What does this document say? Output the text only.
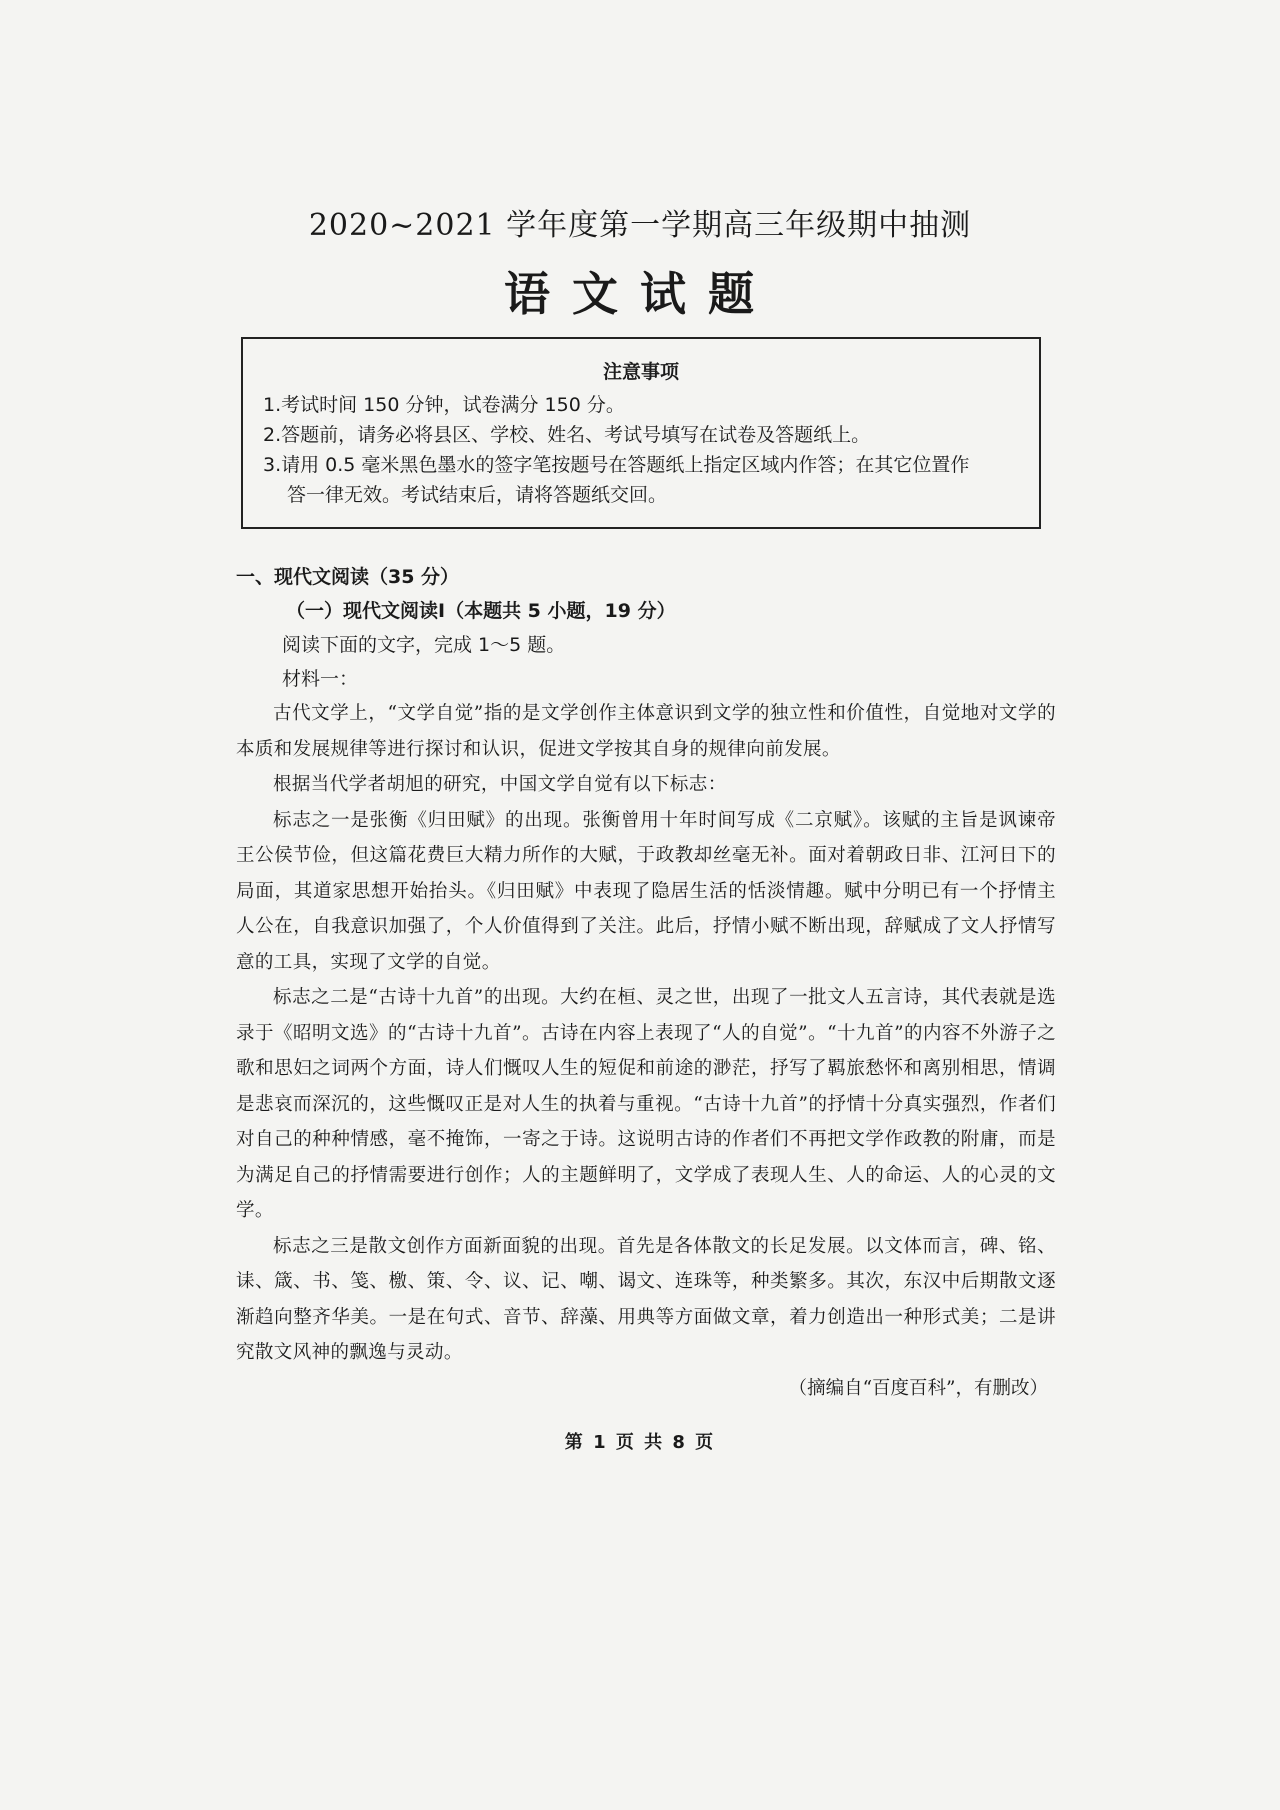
2020~2021 学年度第一学期高三年级期中抽测
语文试题
注意事项
1.考试时间 150 分钟，试卷满分 150 分。
2.答题前，请务必将县区、学校、姓名、考试号填写在试卷及答题纸上。
3.请用 0.5 毫米黑色墨水的签字笔按题号在答题纸上指定区域内作答；在其它位置作
答一律无效。考试结束后，请将答题纸交回。
一、现代文阅读（35 分）
（一）现代文阅读Ⅰ（本题共 5 小题，19 分）
阅读下面的文字，完成 1～5 题。
材料一：

古代文学上，“文学自觉”指的是文学创作主体意识到文学的独立性和价值性，自觉地对文学的本质和发展规律等进行探讨和认识，促进文学按其自身的规律向前发展。

根据当代学者胡旭的研究，中国文学自觉有以下标志：

标志之一是张衡《归田赋》的出现。张衡曾用十年时间写成《二京赋》。该赋的主旨是讽谏帝王公侯节俭，但这篇花费巨大精力所作的大赋，于政教却丝毫无补。面对着朝政日非、江河日下的局面，其道家思想开始抬头。《归田赋》中表现了隐居生活的恬淡情趣。赋中分明已有一个抒情主人公在，自我意识加强了，个人价值得到了关注。此后，抒情小赋不断出现，辞赋成了文人抒情写意的工具，实现了文学的自觉。

标志之二是“古诗十九首”的出现。大约在桓、灵之世，出现了一批文人五言诗，其代表就是选录于《昭明文选》的“古诗十九首”。古诗在内容上表现了“人的自觉”。“十九首”的内容不外游子之歌和思妇之词两个方面，诗人们慨叹人生的短促和前途的渺茫，抒写了羁旅愁怀和离别相思，情调是悲哀而深沉的，这些慨叹正是对人生的执着与重视。“古诗十九首”的抒情十分真实强烈，作者们对自己的种种情感，毫不掩饰，一寄之于诗。这说明古诗的作者们不再把文学作政教的附庸，而是为满足自己的抒情需要进行创作；人的主题鲜明了，文学成了表现人生、人的命运、人的心灵的文学。

标志之三是散文创作方面新面貌的出现。首先是各体散文的长足发展。以文体而言，碑、铭、诔、箴、书、笺、檄、策、令、议、记、嘲、谒文、连珠等，种类繁多。其次，东汉中后期散文逐渐趋向整齐华美。一是在句式、音节、辞藻、用典等方面做文章，着力创造出一种形式美；二是讲究散文风神的飘逸与灵动。

（摘编自“百度百科”，有删改）
第 1 页 共 8 页
